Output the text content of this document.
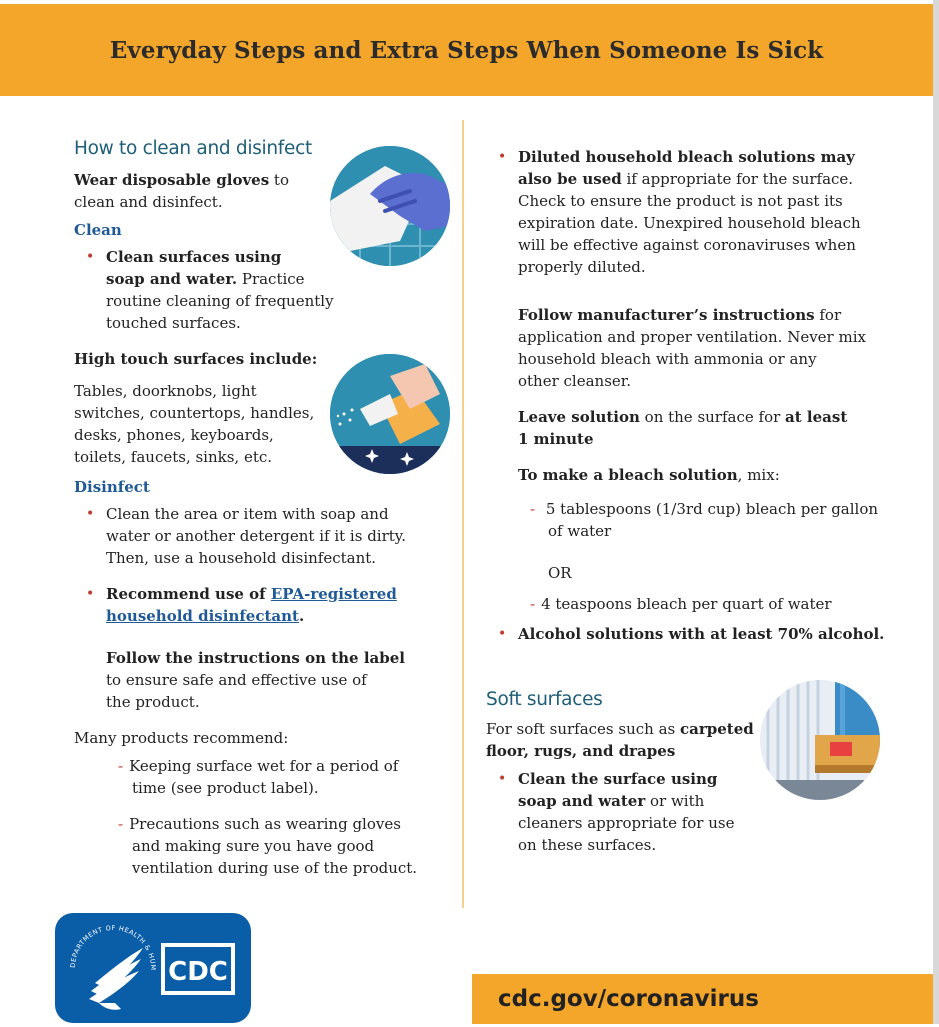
Everyday Steps and Extra Steps When Someone Is Sick
How to clean and disinfect

Wear disposable gloves to
clean and disinfect.

Clean
• Clean surfaces using
soap and water. Practice
routine cleaning of frequently
touched surfaces.

High touch surfaces include:

Tables, doorknobs, light
switches, countertops, handles,
desks, phones, keyboards,
toilets, faucets, sinks, etc.

Disinfect
• Clean the area or item with soap and
water or another detergent if it is dirty.
Then, use a household disinfectant.
• Recommend use of EPA-registered
household disinfectant.

Follow the instructions on the label
to ensure safe and effective use of
the product.

Many products recommend:

- Keeping surface wet for a period of
time (see product label).
- Precautions such as wearing gloves
and making sure you have good
ventilation during use of the product.
• Diluted household bleach solutions may
also be used if appropriate for the surface.
Check to ensure the product is not past its
expiration date. Unexpired household bleach
will be effective against coronaviruses when
properly diluted.

Follow manufacturer’s instructions for
application and proper ventilation. Never mix
household bleach with ammonia or any
other cleanser.

Leave solution on the surface for at least
1 minute

To make a bleach solution, mix:

- 5 tablespoons (1/3rd cup) bleach per gallon
of water

OR

- 4 teaspoons bleach per quart of water
• Alcohol solutions with at least 70% alcohol.
Soft surfaces

For soft surfaces such as carpeted
floor, rugs, and drapes

• Clean the surface using
soap and water or with
cleaners appropriate for use
on these surfaces.
DEPARTMENT OF HEALTH & HUM CDC
cdc.gov/coronavirus
